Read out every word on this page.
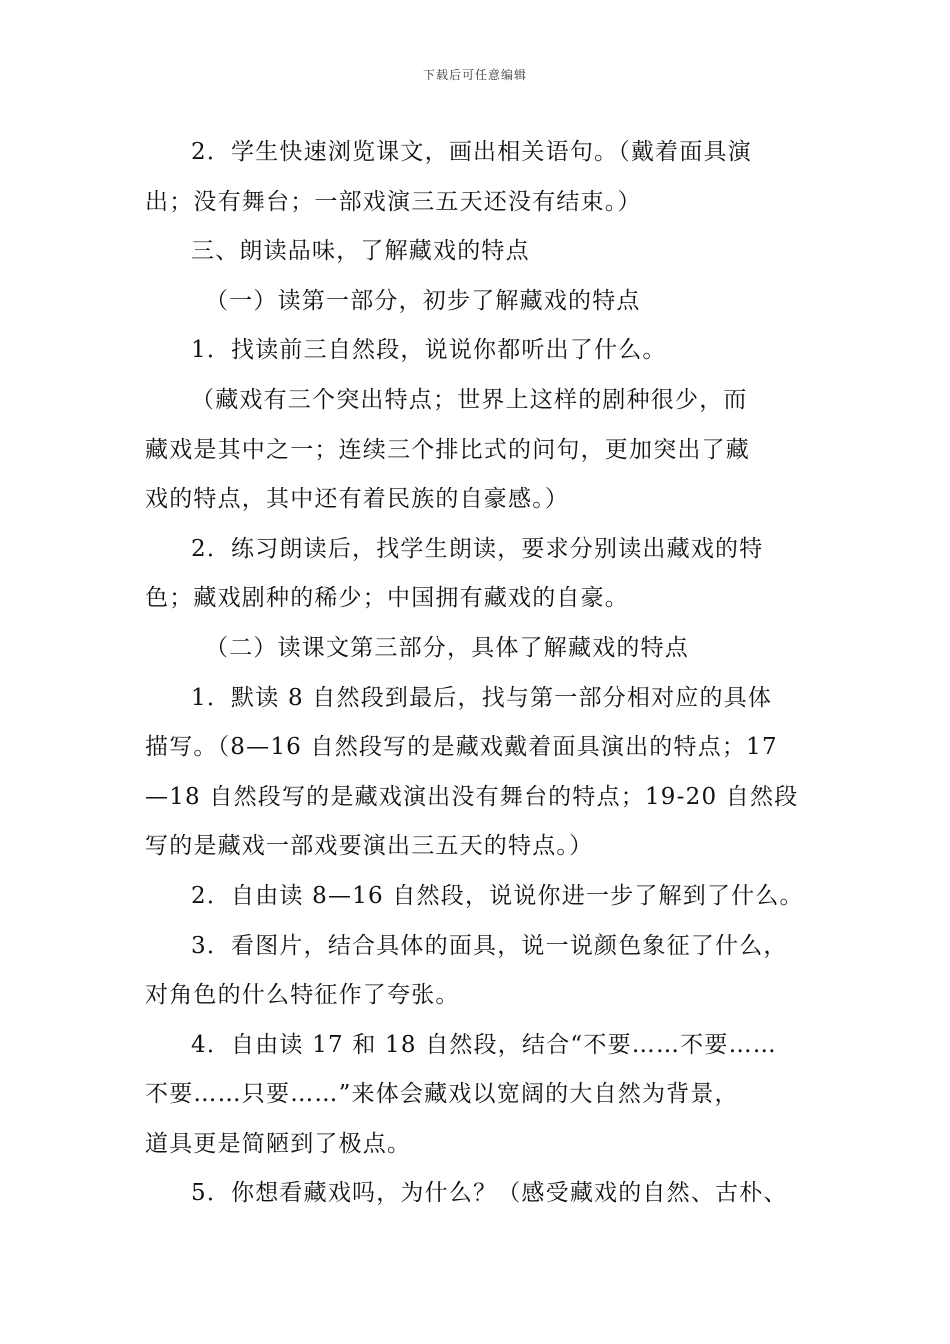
下载后可任意编辑

2．学生快速浏览课文，画出相关语句。（戴着面具演

出；没有舞台；一部戏演三五天还没有结束。）

三、朗读品味，了解藏戏的特点

（一）读第一部分，初步了解藏戏的特点

1．找读前三自然段，说说你都听出了什么。

（藏戏有三个突出特点；世界上这样的剧种很少，而

藏戏是其中之一；连续三个排比式的问句，更加突出了藏

戏的特点，其中还有着民族的自豪感。）

2．练习朗读后，找学生朗读，要求分别读出藏戏的特

色；藏戏剧种的稀少；中国拥有藏戏的自豪。

（二）读课文第三部分，具体了解藏戏的特点

1．默读 8 自然段到最后，找与第一部分相对应的具体

描写。（8—16 自然段写的是藏戏戴着面具演出的特点；17

—18 自然段写的是藏戏演出没有舞台的特点；19-20 自然段

写的是藏戏一部戏要演出三五天的特点。）

2．自由读 8—16 自然段，说说你进一步了解到了什么。

3．看图片，结合具体的面具，说一说颜色象征了什么，

对角色的什么特征作了夸张。

4．自由读 17 和 18 自然段，结合“不要……不要……

不要……只要……”来体会藏戏以宽阔的大自然为背景，

道具更是简陋到了极点。

5．你想看藏戏吗，为什么？（感受藏戏的自然、古朴、
